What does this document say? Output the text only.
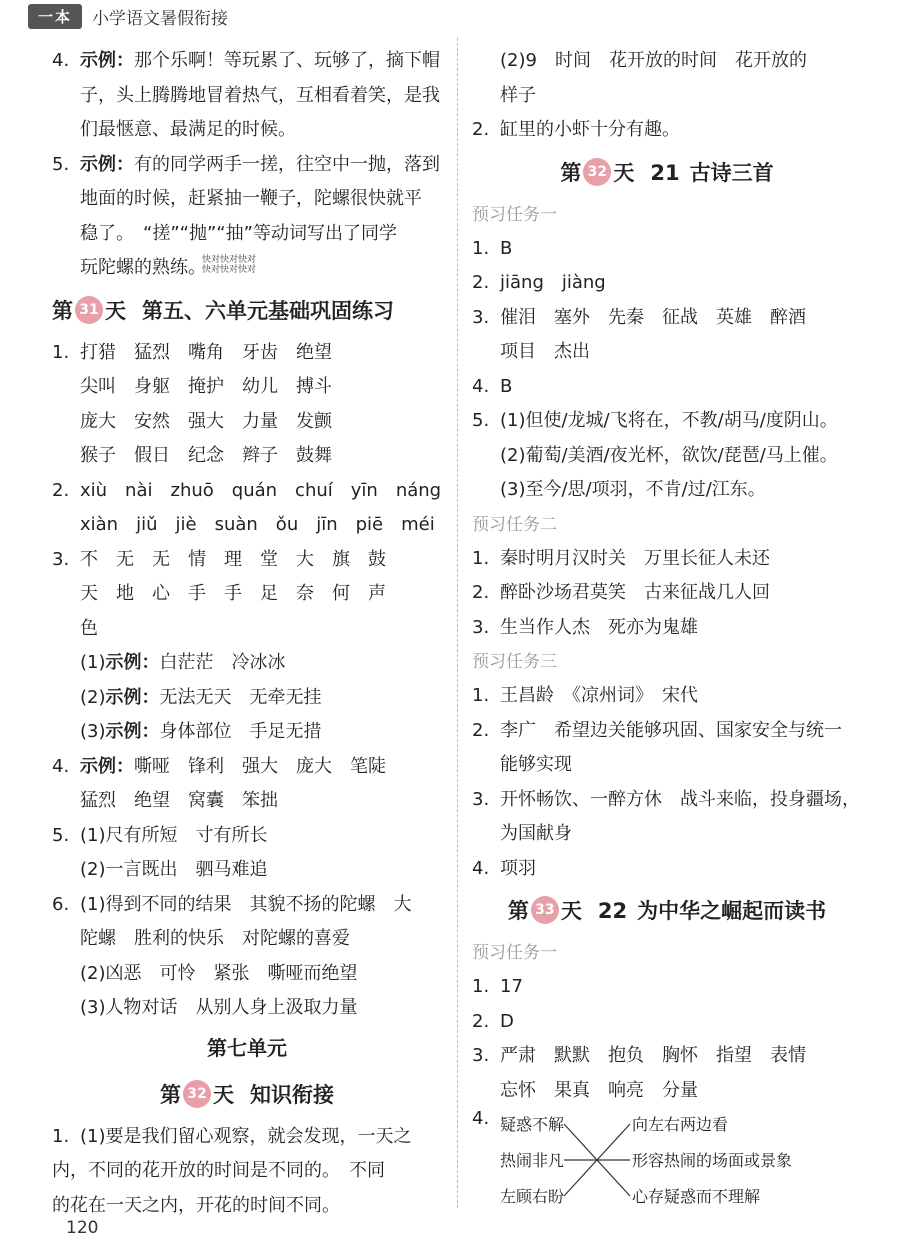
一本	小学语文暑假衔接
4. 示例：那个乐啊！等玩累了、玩够了，摘下帽
子，头上腾腾地冒着热气，互相看着笑，是我
们最惬意、最满足的时候。
5. 示例：有的同学两手一搓，往空中一抛，落到
地面的时候，赶紧抽一鞭子，陀螺很快就平
稳了。　“搓”“抛”“抽”等动词写出了同学
玩陀螺的熟练。
快对快对快对
快对快对快对
第 31 天 第五、六单元基础巩固练习
1. 打猎　猛烈　嘴角　牙齿　绝望
尖叫　身躯　掩护　幼儿　搏斗
庞大　安然　强大　力量　发颤
猴子　假日　纪念　辫子　鼓舞
2. xiù　nài　zhuō　quán　chuí　yīn　náng
xiàn　jiǔ　jiè　suàn　ǒu　jīn　piē　méi
3. 不　无　无　情　理　堂　大　旗　鼓
天　地　心　手　手　足　奈　何　声
色
(1)示例：白茫茫　冷冰冰
(2)示例：无法无天　无牵无挂
(3)示例：身体部位　手足无措
4. 示例：嘶哑　锋利　强大　庞大　笔陡
猛烈　绝望　窝囊　笨拙
5. (1)尺有所短　寸有所长
(2)一言既出　驷马难追
6. (1)得到不同的结果　其貌不扬的陀螺　大
陀螺　胜利的快乐　对陀螺的喜爱
(2)凶恶　可怜　紧张　嘶哑而绝望
(3)人物对话　从别人身上汲取力量
第七单元
第 32 天 知识衔接
1. (1)要是我们留心观察，就会发现，一天之
内，不同的花开放的时间是不同的。　不同
的花在一天之内，开花的时间不同。
(2)9　时间　花开放的时间　花开放的
样子
2. 缸里的小虾十分有趣。
第 32 天 21 古诗三首
预习任务一
1. B
2. jiāng　jiàng
3. 催泪　塞外　先秦　征战　英雄　醉酒
项目　杰出
4. B
5. (1)但使/龙城/飞将在，不教/胡马/度阴山。
(2)葡萄/美酒/夜光杯，欲饮/琵琶/马上催。
(3)至今/思/项羽，不肯/过/江东。
预习任务二
1. 秦时明月汉时关　万里长征人未还
2. 醉卧沙场君莫笑　古来征战几人回
3. 生当作人杰　死亦为鬼雄
预习任务三
1. 王昌龄　《凉州词》　宋代
2. 李广　希望边关能够巩固、国家安全与统一
能够实现
3. 开怀畅饮、一醉方休　战斗来临，投身疆场，
为国献身
4. 项羽
第 33 天 22 为中华之崛起而读书
预习任务一
1. 17
2. D
3. 严肃　默默　抱负　胸怀　指望　表情
忘怀　果真　响亮　分量
4. 疑惑不解
热闹非凡
左顾右盼
向左右两边看
形容热闹的场面或景象
心存疑惑而不理解
120
